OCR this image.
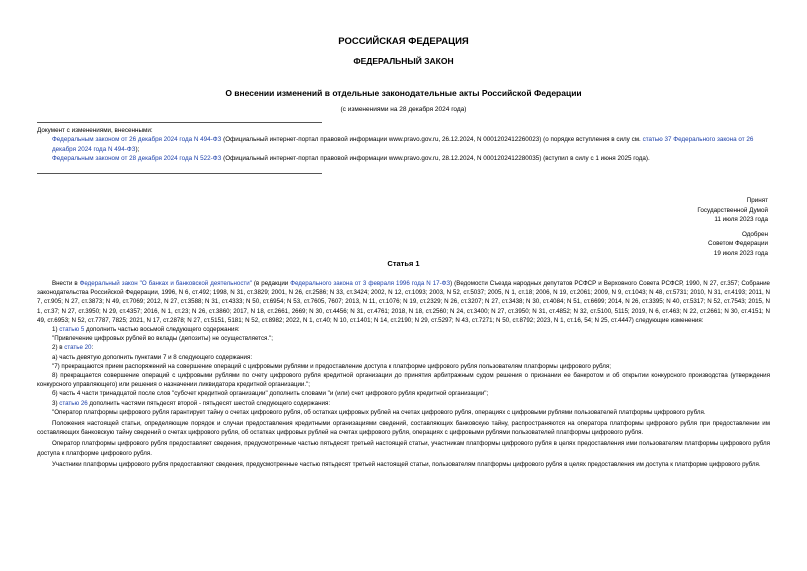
РОССИЙСКАЯ ФЕДЕРАЦИЯ
ФЕДЕРАЛЬНЫЙ ЗАКОН
О внесении изменений в отдельные законодательные акты Российской Федерации
(с изменениями на 28 декабря 2024 года)

Документ с изменениями, внесенными:

Федеральным законом от 26 декабря 2024 года N 494-ФЗ (Официальный интернет-портал правовой информации www.pravo.gov.ru, 26.12.2024, N 0001202412260023) (о порядке вступления в силу см. статью 37 Федерального закона от 26 декабря 2024 года N 494-ФЗ);

Федеральным законом от 28 декабря 2024 года N 522-ФЗ (Официальный интернет-портал правовой информации www.pravo.gov.ru, 28.12.2024, N 0001202412280035) (вступил в силу с 1 июня 2025 года).

Принят

Государственной Думой

11 июля 2023 года

Одобрен

Советом Федерации

19 июля 2023 года

Статья 1

Внести в Федеральный закон "О банках и банковской деятельности" (в редакции Федерального закона от 3 февраля 1996 года N 17-ФЗ) (Ведомости Съезда народных депутатов РСФСР и Верховного Совета РСФСР, 1990, N 27, ст.357; Собрание законодательства Российской Федерации, 1996, N 6, ст.492; 1998, N 31, ст.3829; 2001, N 26, ст.2586; N 33, ст.3424; 2002, N 12, ст.1093; 2003, N 52, ст.5037; 2005, N 1, ст.18; 2006, N 19, ст.2061; 2009, N 9, ст.1043; N 48, ст.5731; 2010, N 31, ст.4193; 2011, N 7, ст.905; N 27, ст.3873; N 49, ст.7069; 2012, N 27, ст.3588; N 31, ст.4333; N 50, ст.6954; N 53, ст.7605, 7607; 2013, N 11, ст.1076; N 19, ст.2329; N 26, ст.3207; N 27, ст.3438; N 30, ст.4084; N 51, ст.6699; 2014, N 26, ст.3395; N 40, ст.5317; N 52, ст.7543; 2015, N 1, ст.37; N 27, ст.3950; N 29, ст.4357; 2016, N 1, ст.23; N 26, ст.3860; 2017, N 18, ст.2661, 2669; N 30, ст.4456; N 31, ст.4761; 2018, N 18, ст.2560; N 24, ст.3400; N 27, ст.3950; N 31, ст.4852; N 32, ст.5100, 5115; 2019, N 6, ст.463; N 22, ст.2661; N 30, ст.4151; N 49, ст.6953; N 52, ст.7787, 7825; 2021, N 17, ст.2878; N 27, ст.5151, 5181; N 52, ст.8982; 2022, N 1, ст.40; N 10, ст.1401; N 14, ст.2190; N 29, ст.5297; N 43, ст.7271; N 50, ст.8792; 2023, N 1, ст.16, 54; N 25, ст.4447) следующие изменения:

1) статью 5 дополнить частью восьмой следующего содержания:

"Привлечение цифровых рублей во вклады (депозиты) не осуществляется.";

2) в статье 20:

а) часть девятую дополнить пунктами 7 и 8 следующего содержания:

"7) прекращаются прием распоряжений на совершение операций с цифровыми рублями и предоставление доступа к платформе цифрового рубля пользователям платформы цифрового рубля;

8) прекращается совершение операций с цифровыми рублями по счету цифрового рубля кредитной организации до принятия арбитражным судом решения о признании ее банкротом и об открытии конкурсного производства (утверждения конкурсного управляющего) или решения о назначении ликвидатора кредитной организации.";

б) часть 4 части тринадцатой после слов "субсчет кредитной организации" дополнить словами "и (или) счет цифрового рубля кредитной организации";

3) статью 26 дополнить частями пятьдесят второй - пятьдесят шестой следующего содержания:

"Оператор платформы цифрового рубля гарантирует тайну о счетах цифрового рубля, об остатках цифровых рублей на счетах цифрового рубля, операциях с цифровыми рублями пользователей платформы цифрового рубля.

Положения настоящей статьи, определяющие порядок и случаи предоставления кредитными организациями сведений, составляющих банковскую тайну, распространяются на оператора платформы цифрового рубля при предоставлении им составляющих банковскую тайну сведений о счетах цифрового рубля, об остатках цифровых рублей на счетах цифрового рубля, операциях с цифровыми рублями пользователей платформы цифрового рубля.

Оператор платформы цифрового рубля предоставляет сведения, предусмотренные частью пятьдесят третьей настоящей статьи, участникам платформы цифрового рубля в целях предоставления ими пользователям платформы цифрового рубля доступа к платформе цифрового рубля.

Участники платформы цифрового рубля предоставляют сведения, предусмотренные частью пятьдесят третьей настоящей статьи, пользователям платформы цифрового рубля в целях предоставления им доступа к платформе цифрового рубля.
